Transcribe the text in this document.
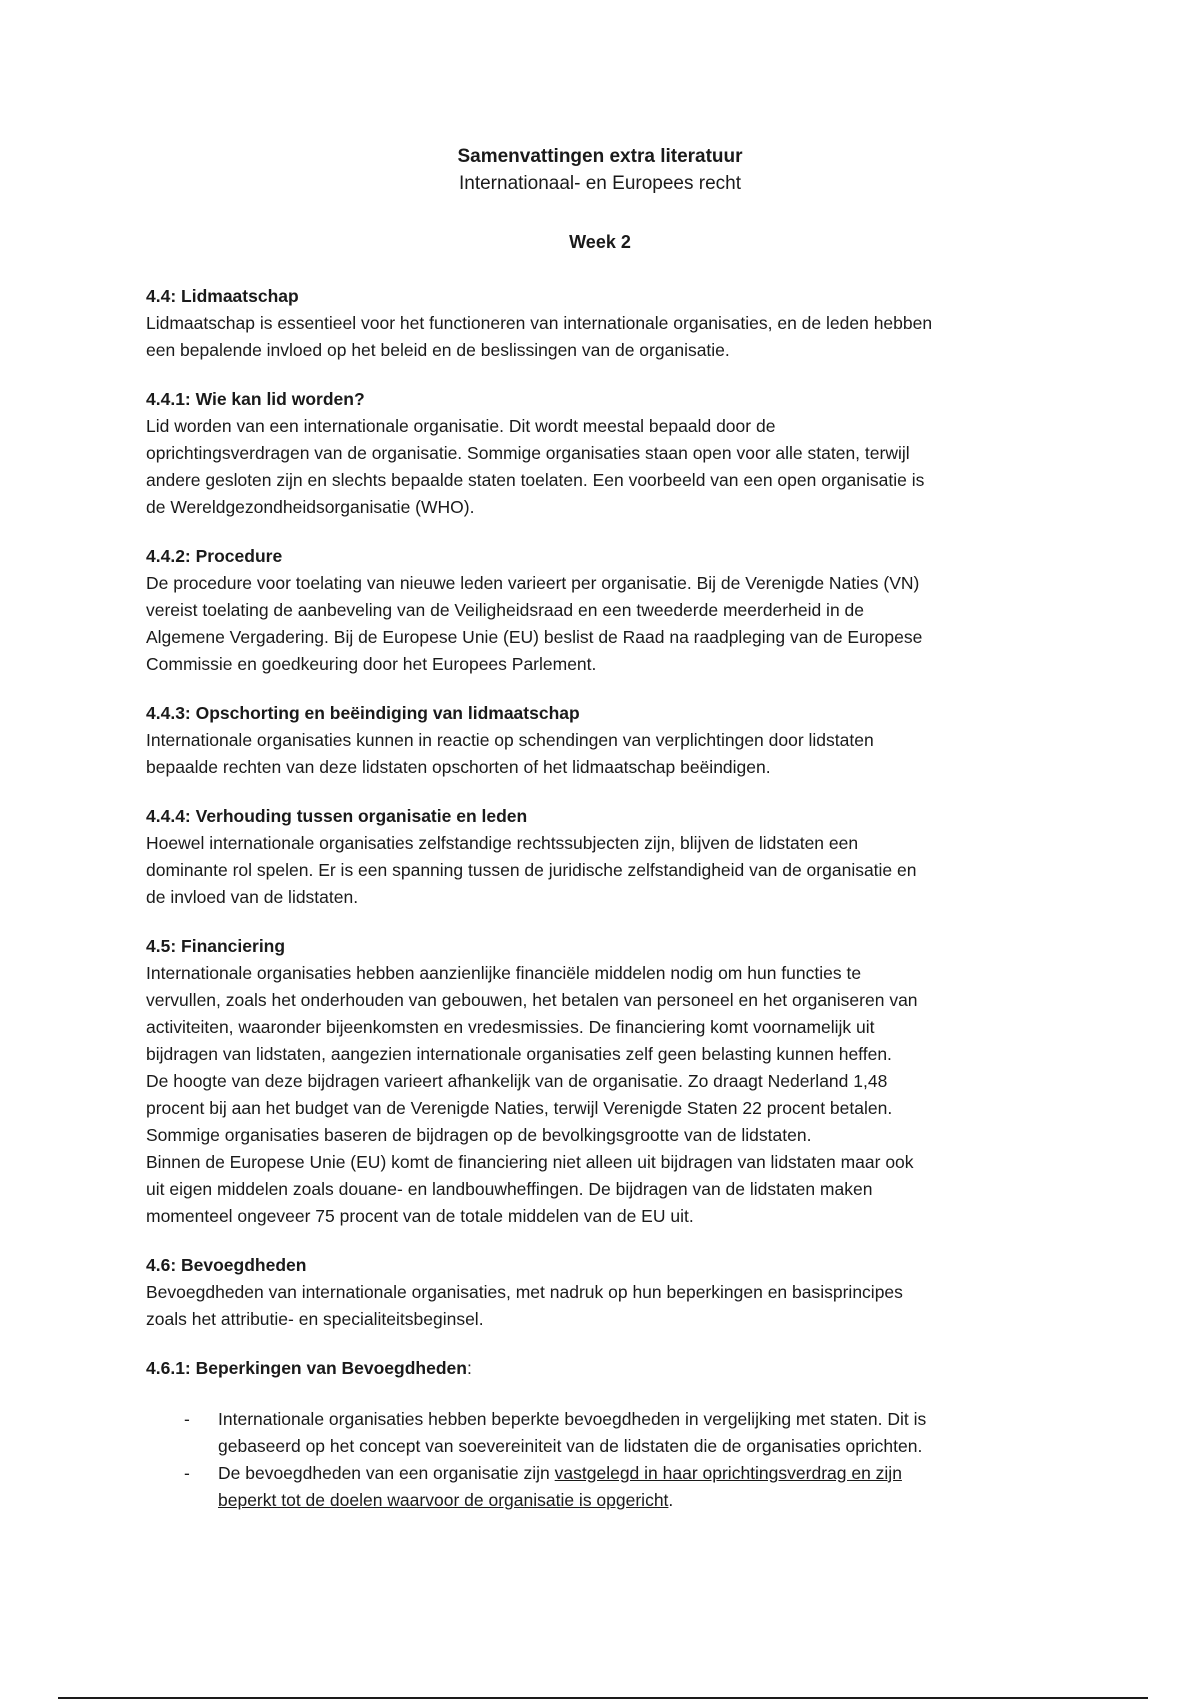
Samenvattingen extra literatuur
Internationaal- en Europees recht
Week 2

4.4: Lidmaatschap

Lidmaatschap is essentieel voor het functioneren van internationale organisaties, en de leden hebben
een bepalende invloed op het beleid en de beslissingen van de organisatie.

4.4.1: Wie kan lid worden?

Lid worden van een internationale organisatie. Dit wordt meestal bepaald door de
oprichtingsverdragen van de organisatie. Sommige organisaties staan open voor alle staten, terwijl
andere gesloten zijn en slechts bepaalde staten toelaten. Een voorbeeld van een open organisatie is
de Wereldgezondheidsorganisatie (WHO).

4.4.2: Procedure

De procedure voor toelating van nieuwe leden varieert per organisatie. Bij de Verenigde Naties (VN)
vereist toelating de aanbeveling van de Veiligheidsraad en een tweederde meerderheid in de
Algemene Vergadering. Bij de Europese Unie (EU) beslist de Raad na raadpleging van de Europese
Commissie en goedkeuring door het Europees Parlement.

4.4.3: Opschorting en beëindiging van lidmaatschap

Internationale organisaties kunnen in reactie op schendingen van verplichtingen door lidstaten
bepaalde rechten van deze lidstaten opschorten of het lidmaatschap beëindigen.

4.4.4: Verhouding tussen organisatie en leden

Hoewel internationale organisaties zelfstandige rechtssubjecten zijn, blijven de lidstaten een
dominante rol spelen. Er is een spanning tussen de juridische zelfstandigheid van de organisatie en
de invloed van de lidstaten.

4.5: Financiering

Internationale organisaties hebben aanzienlijke financiële middelen nodig om hun functies te
vervullen, zoals het onderhouden van gebouwen, het betalen van personeel en het organiseren van
activiteiten, waaronder bijeenkomsten en vredesmissies. De financiering komt voornamelijk uit
bijdragen van lidstaten, aangezien internationale organisaties zelf geen belasting kunnen heffen.
De hoogte van deze bijdragen varieert afhankelijk van de organisatie. Zo draagt Nederland 1,48
procent bij aan het budget van de Verenigde Naties, terwijl Verenigde Staten 22 procent betalen.
Sommige organisaties baseren de bijdragen op de bevolkingsgrootte van de lidstaten.
Binnen de Europese Unie (EU) komt de financiering niet alleen uit bijdragen van lidstaten maar ook
uit eigen middelen zoals douane- en landbouwheffingen. De bijdragen van de lidstaten maken
momenteel ongeveer 75 procent van de totale middelen van de EU uit.

4.6: Bevoegdheden

Bevoegdheden van internationale organisaties, met nadruk op hun beperkingen en basisprincipes
zoals het attributie- en specialiteitsbeginsel.

4.6.1: Beperkingen van Bevoegdheden:

- Internationale organisaties hebben beperkte bevoegdheden in vergelijking met staten. Dit is
gebaseerd op het concept van soevereiniteit van de lidstaten die de organisaties oprichten.
- De bevoegdheden van een organisatie zijn vastgelegd in haar oprichtingsverdrag en zijn
beperkt tot de doelen waarvoor de organisatie is opgericht.
